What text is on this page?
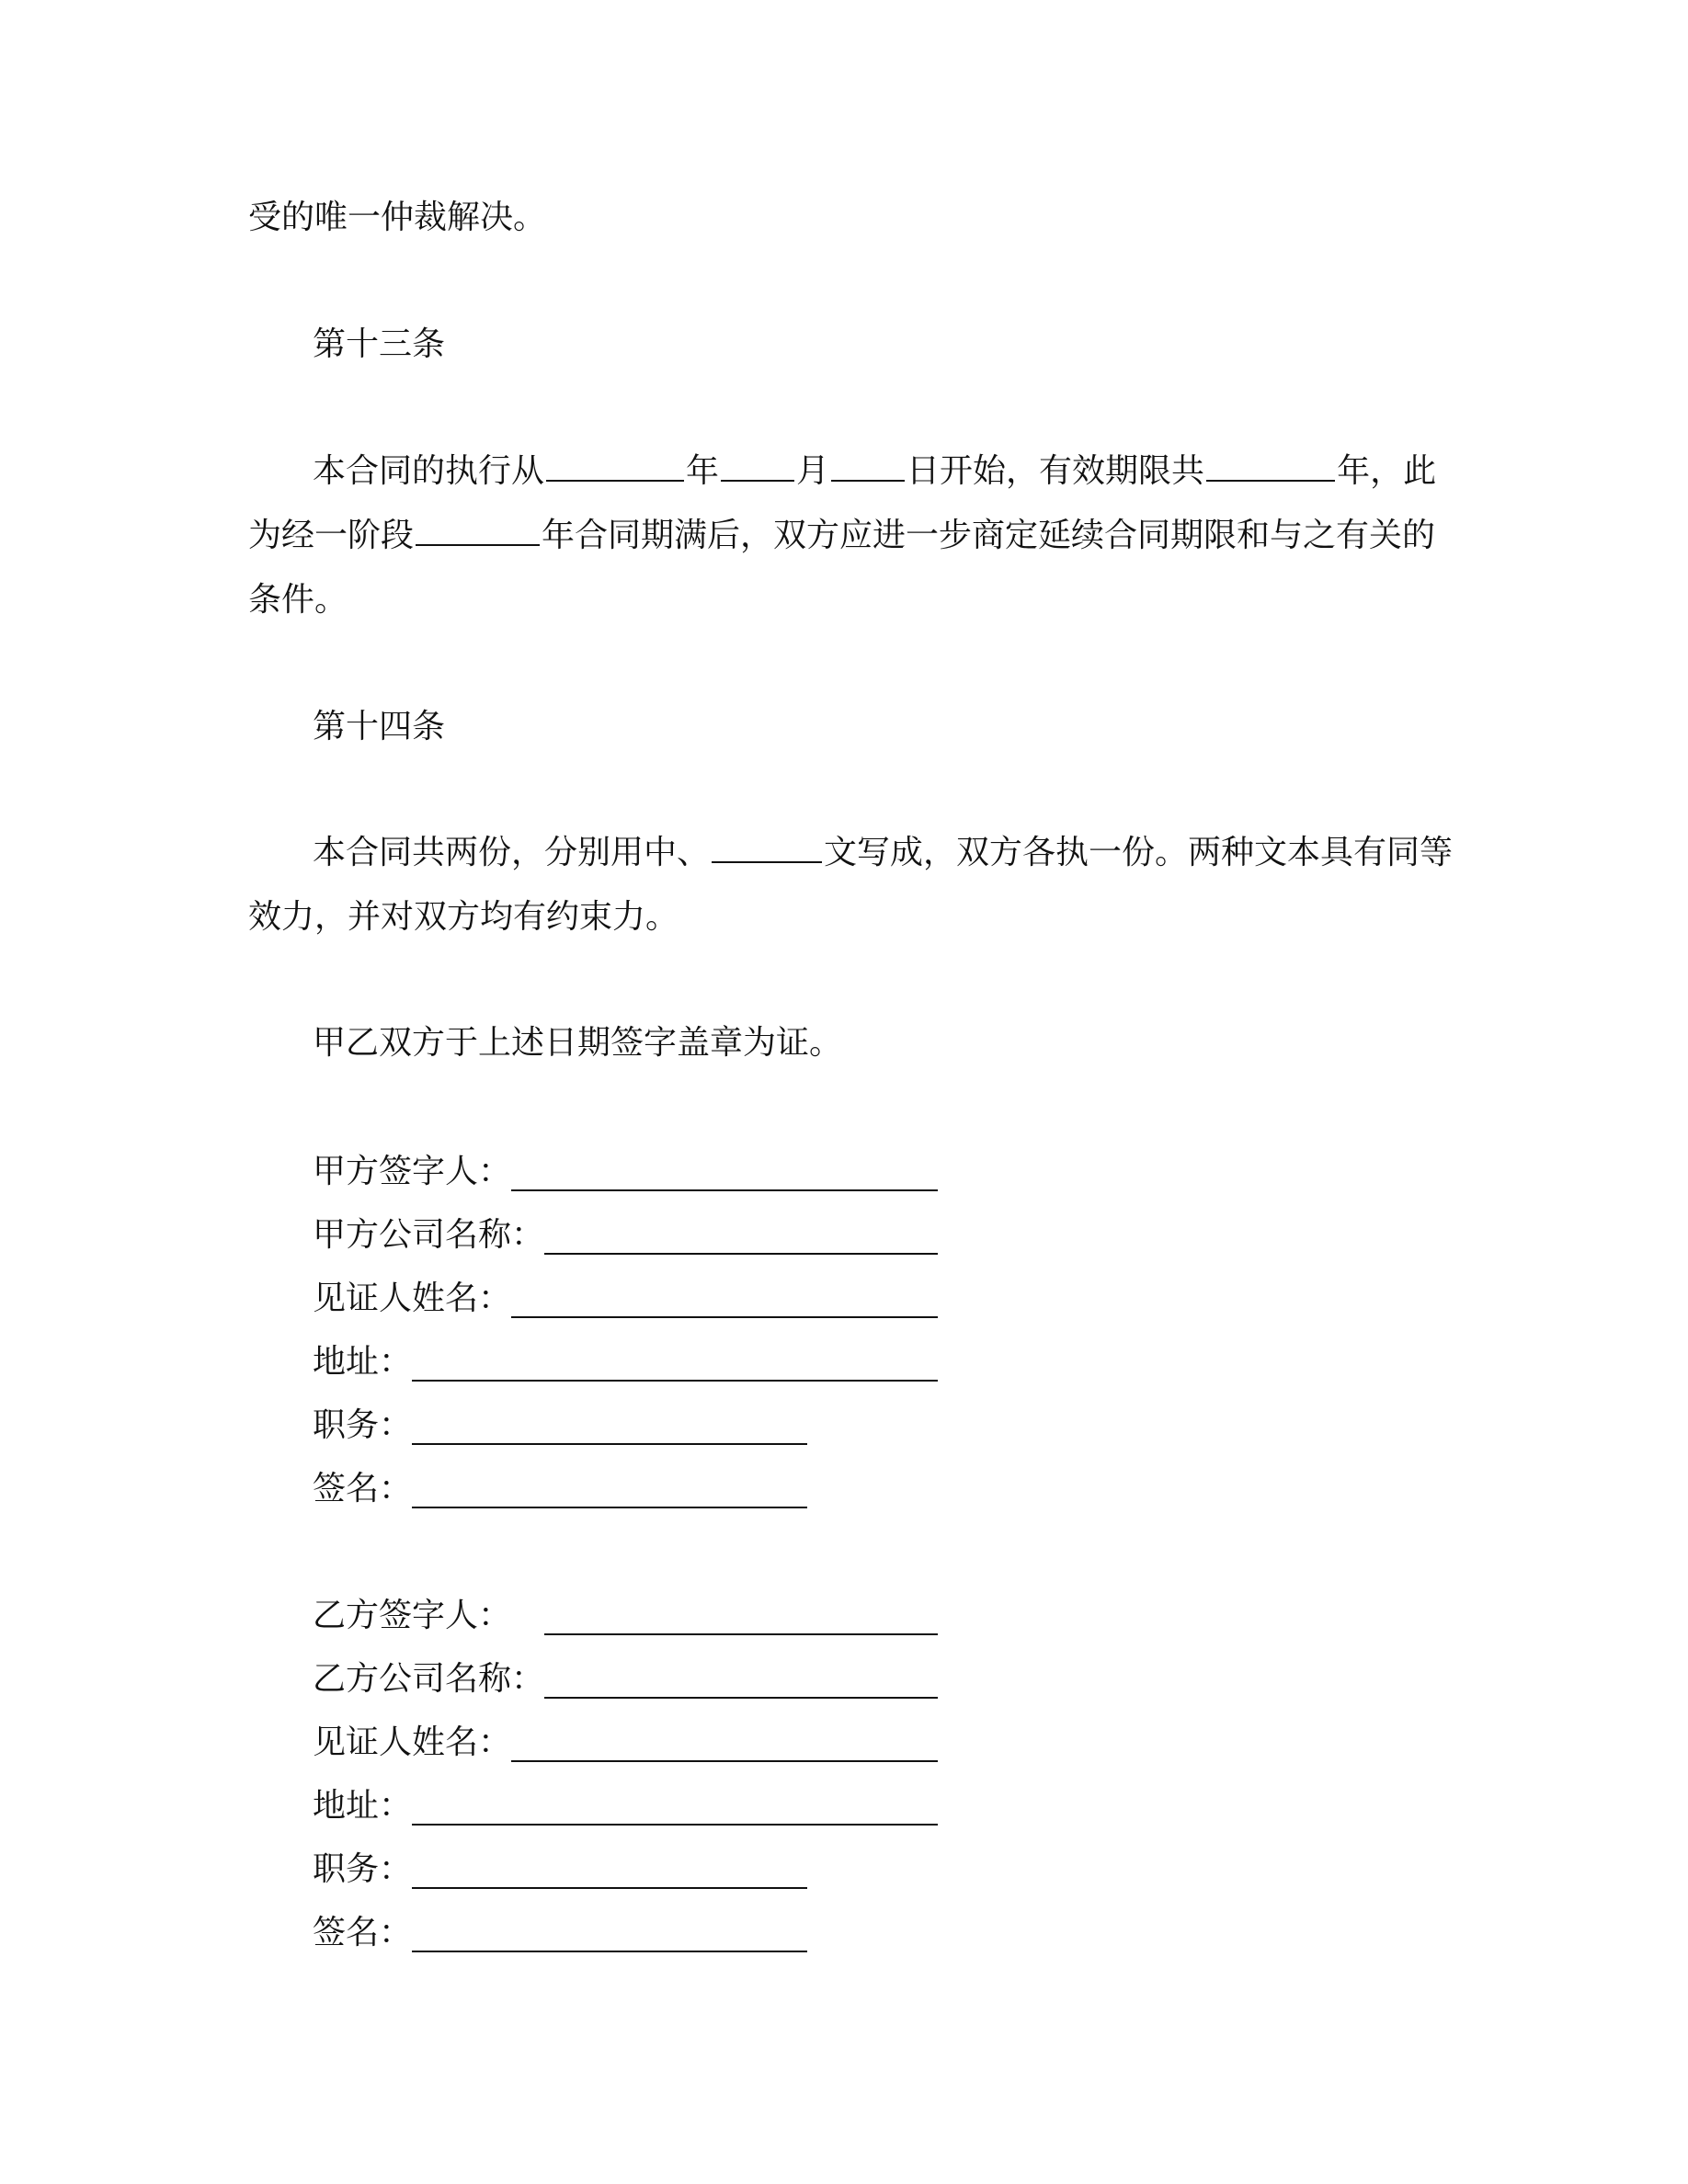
受的唯一仲裁解决。
第十三条
本合同的执行从	年 月 日开始，有效期限共	年，此
为经一阶段	年合同期满后，双方应进一步商定延续合同期限和与之有关的
条件。
第十四条
本合同共两份，分别用中、	文写成，双方各执一份。两种文本具有同等
效力，并对双方均有约束力。
甲乙双方于上述日期签字盖章为证。
甲方签字人：
甲方公司名称：
见证人姓名：
地址：
职务：
签名：
乙方签字人：
乙方公司名称：
见证人姓名：
地址：
职务：
签名：
